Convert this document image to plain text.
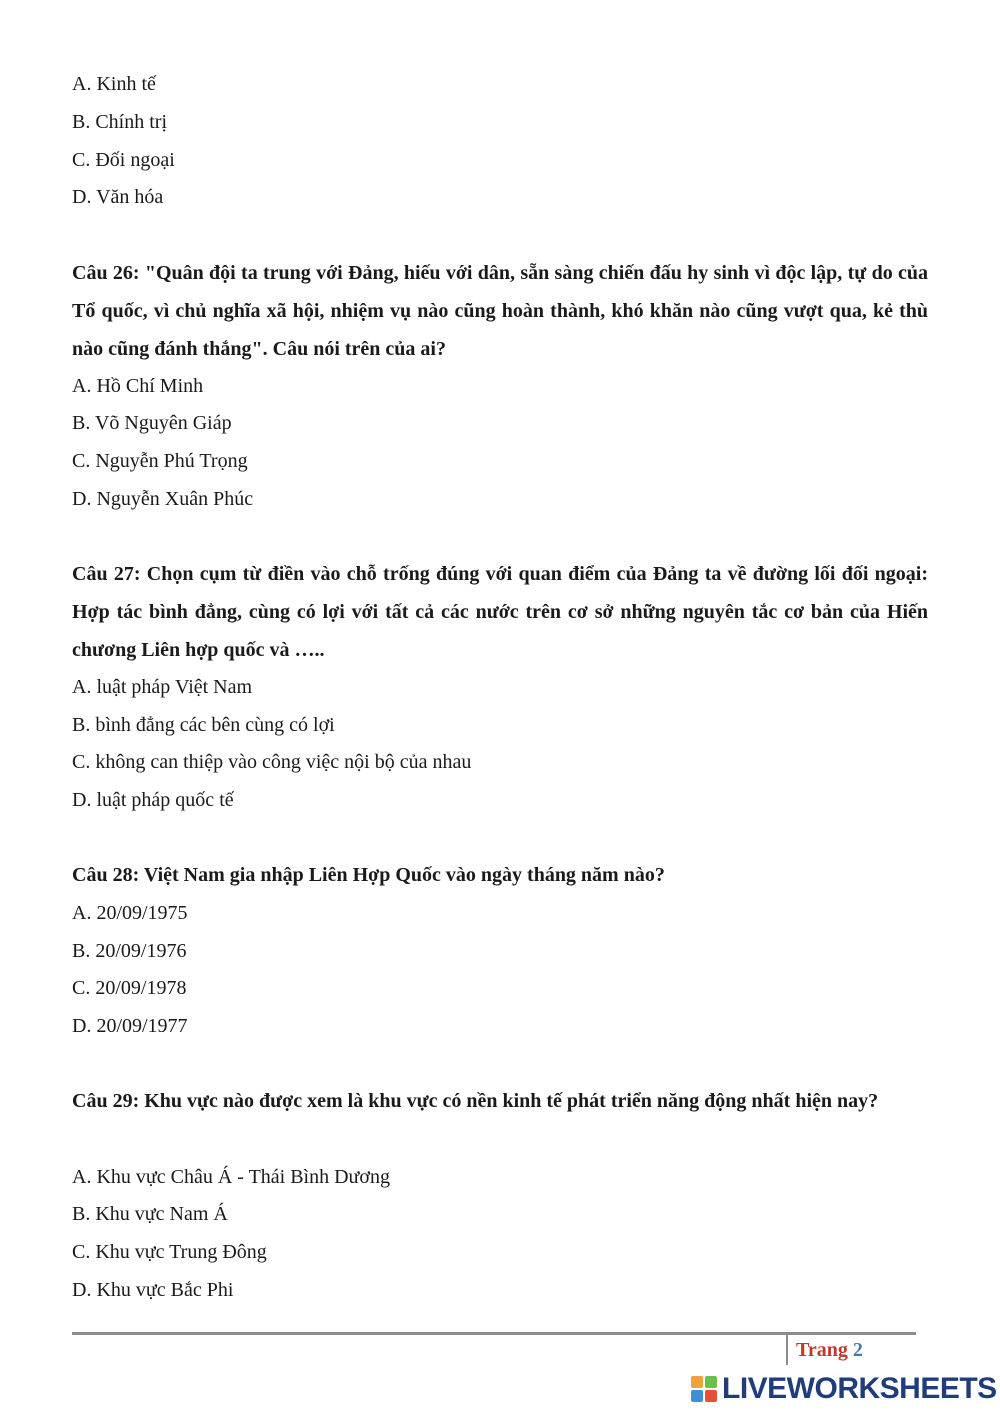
A. Kinh tế
B. Chính trị
C. Đối ngoại
D. Văn hóa
Câu 26: "Quân đội ta trung với Đảng, hiếu với dân, sẵn sàng chiến đấu hy sinh vì độc lập, tự do của Tổ quốc, vì chủ nghĩa xã hội, nhiệm vụ nào cũng hoàn thành, khó khăn nào cũng vượt qua, kẻ thù nào cũng đánh thắng". Câu nói trên của ai?
A. Hồ Chí Minh
B. Võ Nguyên Giáp
C. Nguyễn Phú Trọng
D. Nguyễn Xuân Phúc
Câu 27: Chọn cụm từ điền vào chỗ trống đúng với quan điểm của Đảng ta về đường lối đối ngoại: Hợp tác bình đẳng, cùng có lợi với tất cả các nước trên cơ sở những nguyên tắc cơ bản của Hiến chương Liên hợp quốc và …..
A. luật pháp Việt Nam
B. bình đẳng các bên cùng có lợi
C. không can thiệp vào công việc nội bộ của nhau
D. luật pháp quốc tế
Câu 28: Việt Nam gia nhập Liên Hợp Quốc vào ngày tháng năm nào?
A. 20/09/1975
B. 20/09/1976
C. 20/09/1978
D. 20/09/1977
Câu 29: Khu vực nào được xem là khu vực có nền kinh tế phát triển năng động nhất hiện nay?
A. Khu vực Châu Á - Thái Bình Dương
B. Khu vực Nam Á
C. Khu vực Trung Đông
D. Khu vực Bắc Phi
Trang 2
LIVEWORKSHEETS
